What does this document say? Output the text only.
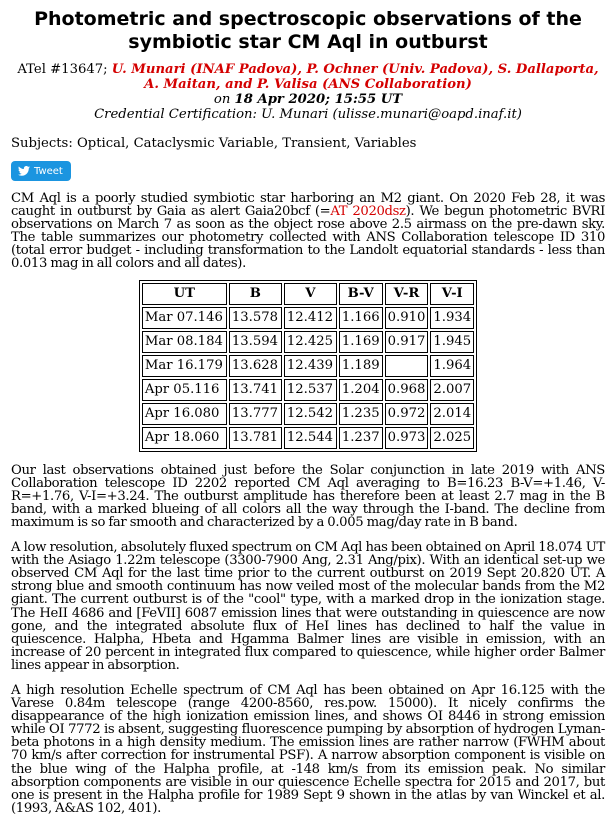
Photometric and spectroscopic observations of the symbiotic star CM Aql in outburst
ATel #13647; U. Munari (INAF Padova), P. Ochner (Univ. Padova), S. Dallaporta, A. Maitan, and P. Valisa (ANS Collaboration)
on 18 Apr 2020; 15:55 UT
Credential Certification: U. Munari (ulisse.munari@oapd.inaf.it)
Subjects: Optical, Cataclysmic Variable, Transient, Variables
Tweet

CM Aql is a poorly studied symbiotic star harboring an M2 giant. On 2020 Feb 28, it was caught in outburst by Gaia as alert Gaia20bcf (=AT 2020dsz). We begun photometric BVRI observations on March 7 as soon as the object rose above 2.5 airmass on the pre-dawn sky. The table summarizes our photometry collected with ANS Collaboration telescope ID 310 (total error budget - including transformation to the Landolt equatorial standards - less than 0.013 mag in all colors and all dates).

UT	B	V	B-V	V-R	V-I
Mar 07.146	13.578	12.412	1.166	0.910	1.934
Mar 08.184	13.594	12.425	1.169	0.917	1.945
Mar 16.179	13.628	12.439	1.189		1.964
Apr 05.116	13.741	12.537	1.204	0.968	2.007
Apr 16.080	13.777	12.542	1.235	0.972	2.014
Apr 18.060	13.781	12.544	1.237	0.973	2.025

Our last observations obtained just before the Solar conjunction in late 2019 with ANS Collaboration telescope ID 2202 reported CM Aql averaging to B=16.23 B-V=+1.46, V-R=+1.76, V-I=+3.24. The outburst amplitude has therefore been at least 2.7 mag in the B band, with a marked blueing of all colors all the way through the I-band. The decline from maximum is so far smooth and characterized by a 0.005 mag/day rate in B band.

A low resolution, absolutely fluxed spectrum on CM Aql has been obtained on April 18.074 UT with the Asiago 1.22m telescope (3300-7900 Ang, 2.31 Ang/pix). With an identical set-up we observed CM Aql for the last time prior to the current outburst on 2019 Sept 20.820 UT. A strong blue and smooth continuum has now veiled most of the molecular bands from the M2 giant. The current outburst is of the "cool" type, with a marked drop in the ionization stage. The HeII 4686 and [FeVII] 6087 emission lines that were outstanding in quiescence are now gone, and the integrated absolute flux of HeI lines has declined to half the value in quiescence. Halpha, Hbeta and Hgamma Balmer lines are visible in emission, with an increase of 20 percent in integrated flux compared to quiescence, while higher order Balmer lines appear in absorption.

A high resolution Echelle spectrum of CM Aql has been obtained on Apr 16.125 with the Varese 0.84m telescope (range 4200-8560, res.pow. 15000). It nicely confirms the disappearance of the high ionization emission lines, and shows OI 8446 in strong emission while OI 7772 is absent, suggesting fluorescence pumping by absorption of hydrogen Lyman-beta photons in a high density medium. The emission lines are rather narrow (FWHM about 70 km/s after correction for instrumental PSF). A narrow absorption component is visible on the blue wing of the Halpha profile, at -148 km/s from its emission peak. No similar absorption components are visible in our quiescence Echelle spectra for 2015 and 2017, but one is present in the Halpha profile for 1989 Sept 9 shown in the atlas by van Winckel et al. (1993, A&AS 102, 401).
